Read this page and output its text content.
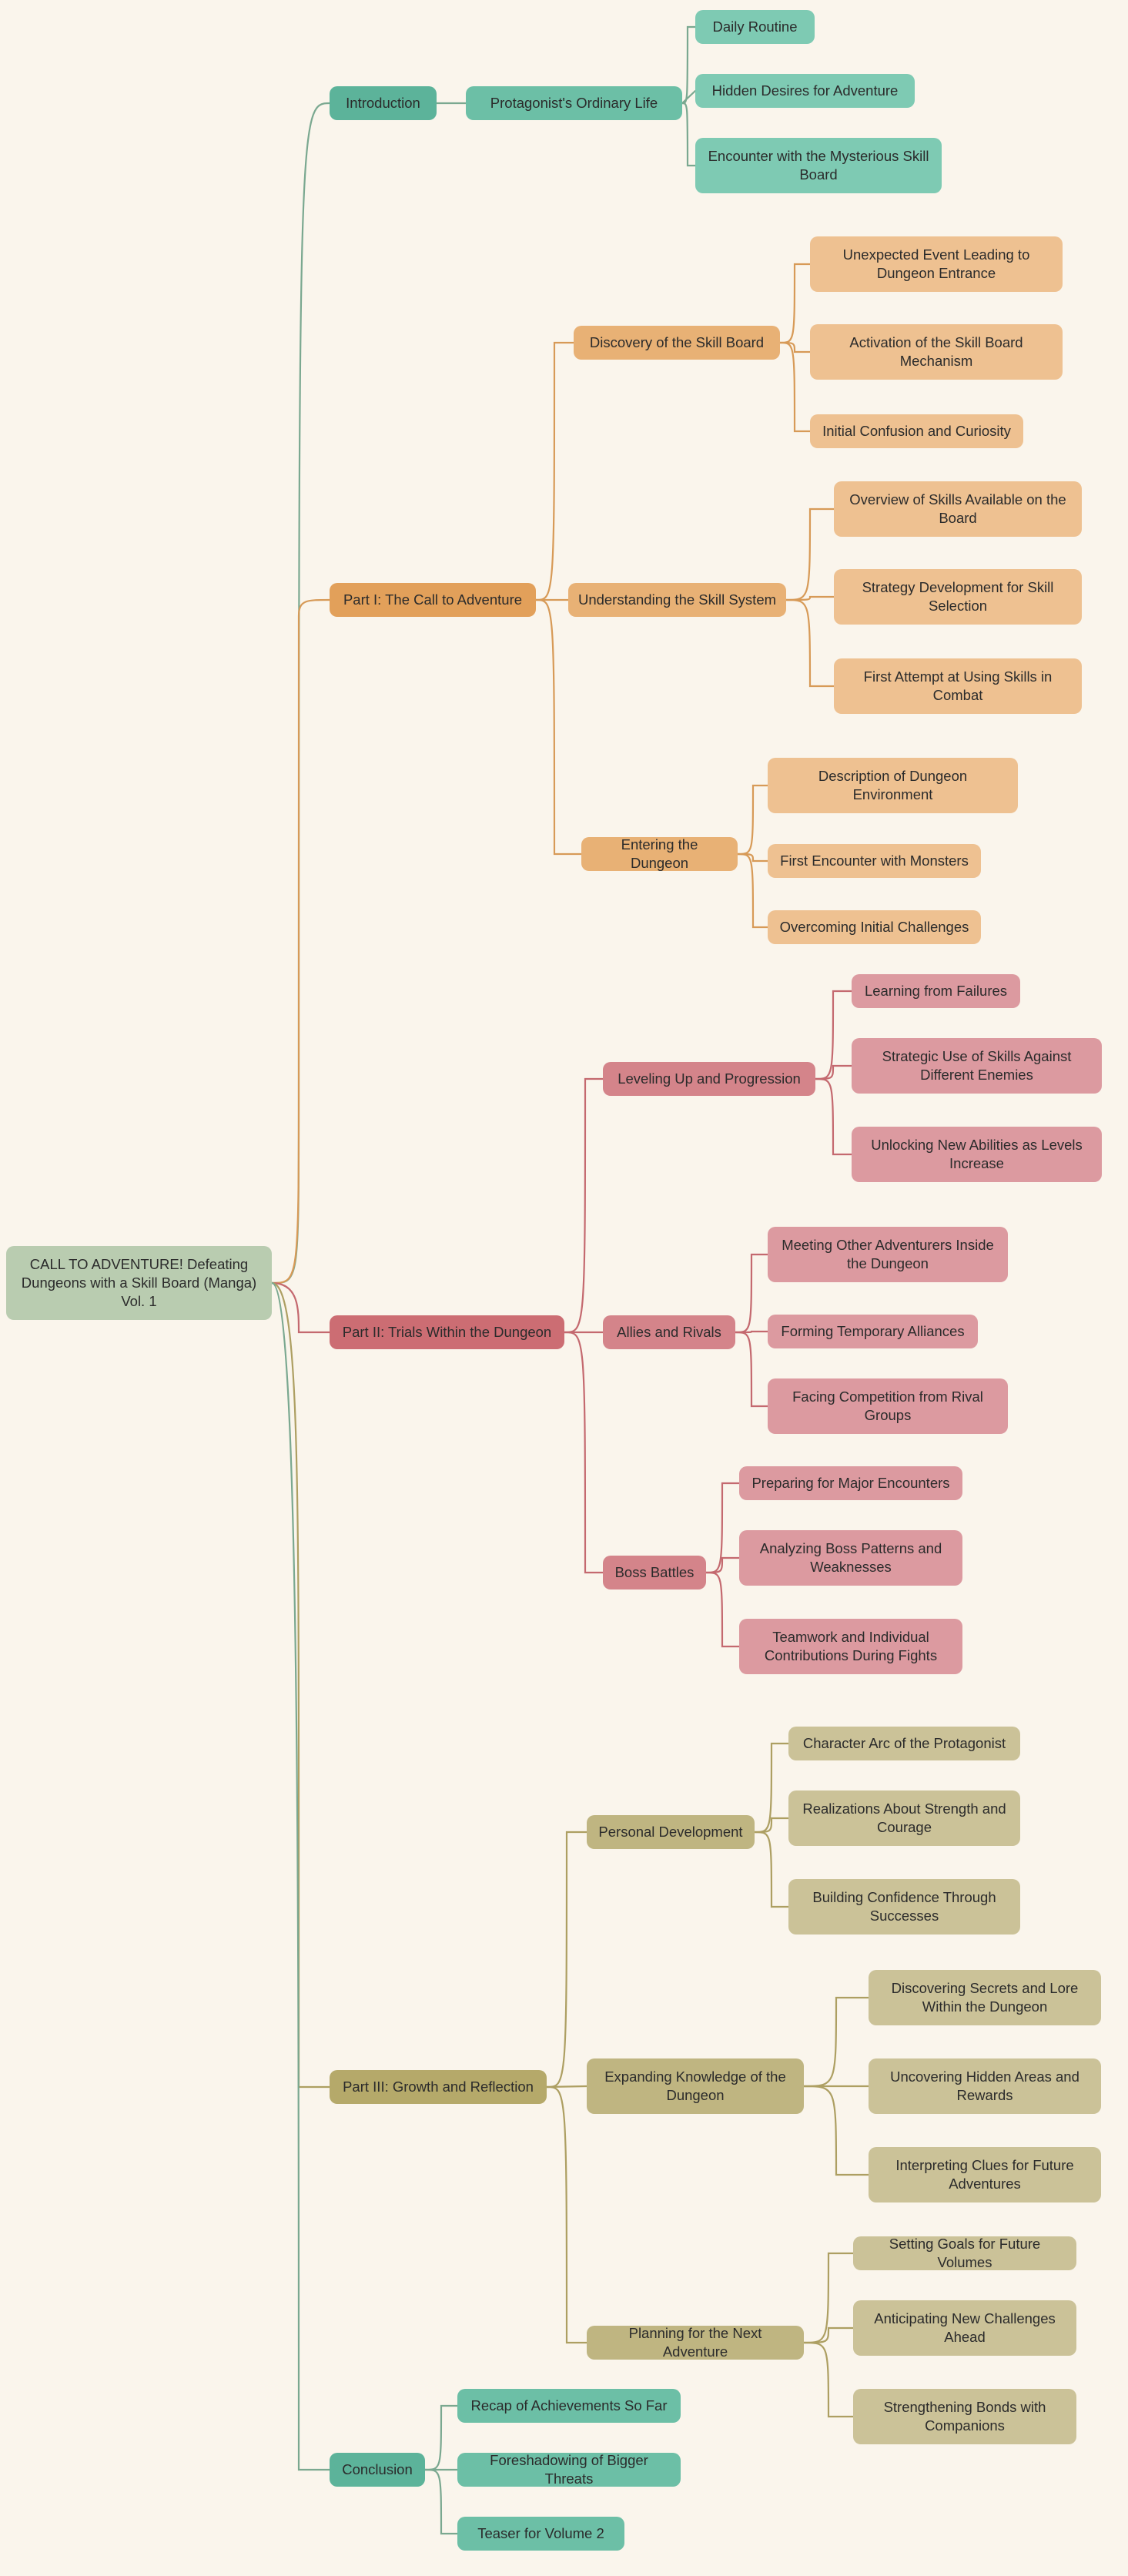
CALL TO ADVENTURE! Defeating Dungeons with a Skill Board (Manga) Vol. 1
Introduction	Protagonist's Ordinary Life
Daily Routine
Hidden Desires for Adventure
Encounter with the Mysterious Skill Board
Part I: The Call to Adventure
Discovery of the Skill Board
Unexpected Event Leading to Dungeon Entrance
Activation of the Skill Board Mechanism
Initial Confusion and Curiosity
Understanding the Skill System
Overview of Skills Available on the Board
Strategy Development for Skill Selection
First Attempt at Using Skills in Combat
Entering the Dungeon
Description of Dungeon Environment
First Encounter with Monsters
Overcoming Initial Challenges
Part II: Trials Within the Dungeon
Leveling Up and Progression
Learning from Failures
Strategic Use of Skills Against Different Enemies
Unlocking New Abilities as Levels Increase
Allies and Rivals
Meeting Other Adventurers Inside the Dungeon
Forming Temporary Alliances
Facing Competition from Rival Groups
Boss Battles
Preparing for Major Encounters
Analyzing Boss Patterns and Weaknesses
Teamwork and Individual Contributions During Fights
Part III: Growth and Reflection
Personal Development
Character Arc of the Protagonist
Realizations About Strength and Courage
Building Confidence Through Successes
Expanding Knowledge of the Dungeon
Discovering Secrets and Lore Within the Dungeon
Uncovering Hidden Areas and Rewards
Interpreting Clues for Future Adventures
Planning for the Next Adventure
Setting Goals for Future Volumes
Anticipating New Challenges Ahead
Strengthening Bonds with Companions
Conclusion
Recap of Achievements So Far
Foreshadowing of Bigger Threats
Teaser for Volume 2
